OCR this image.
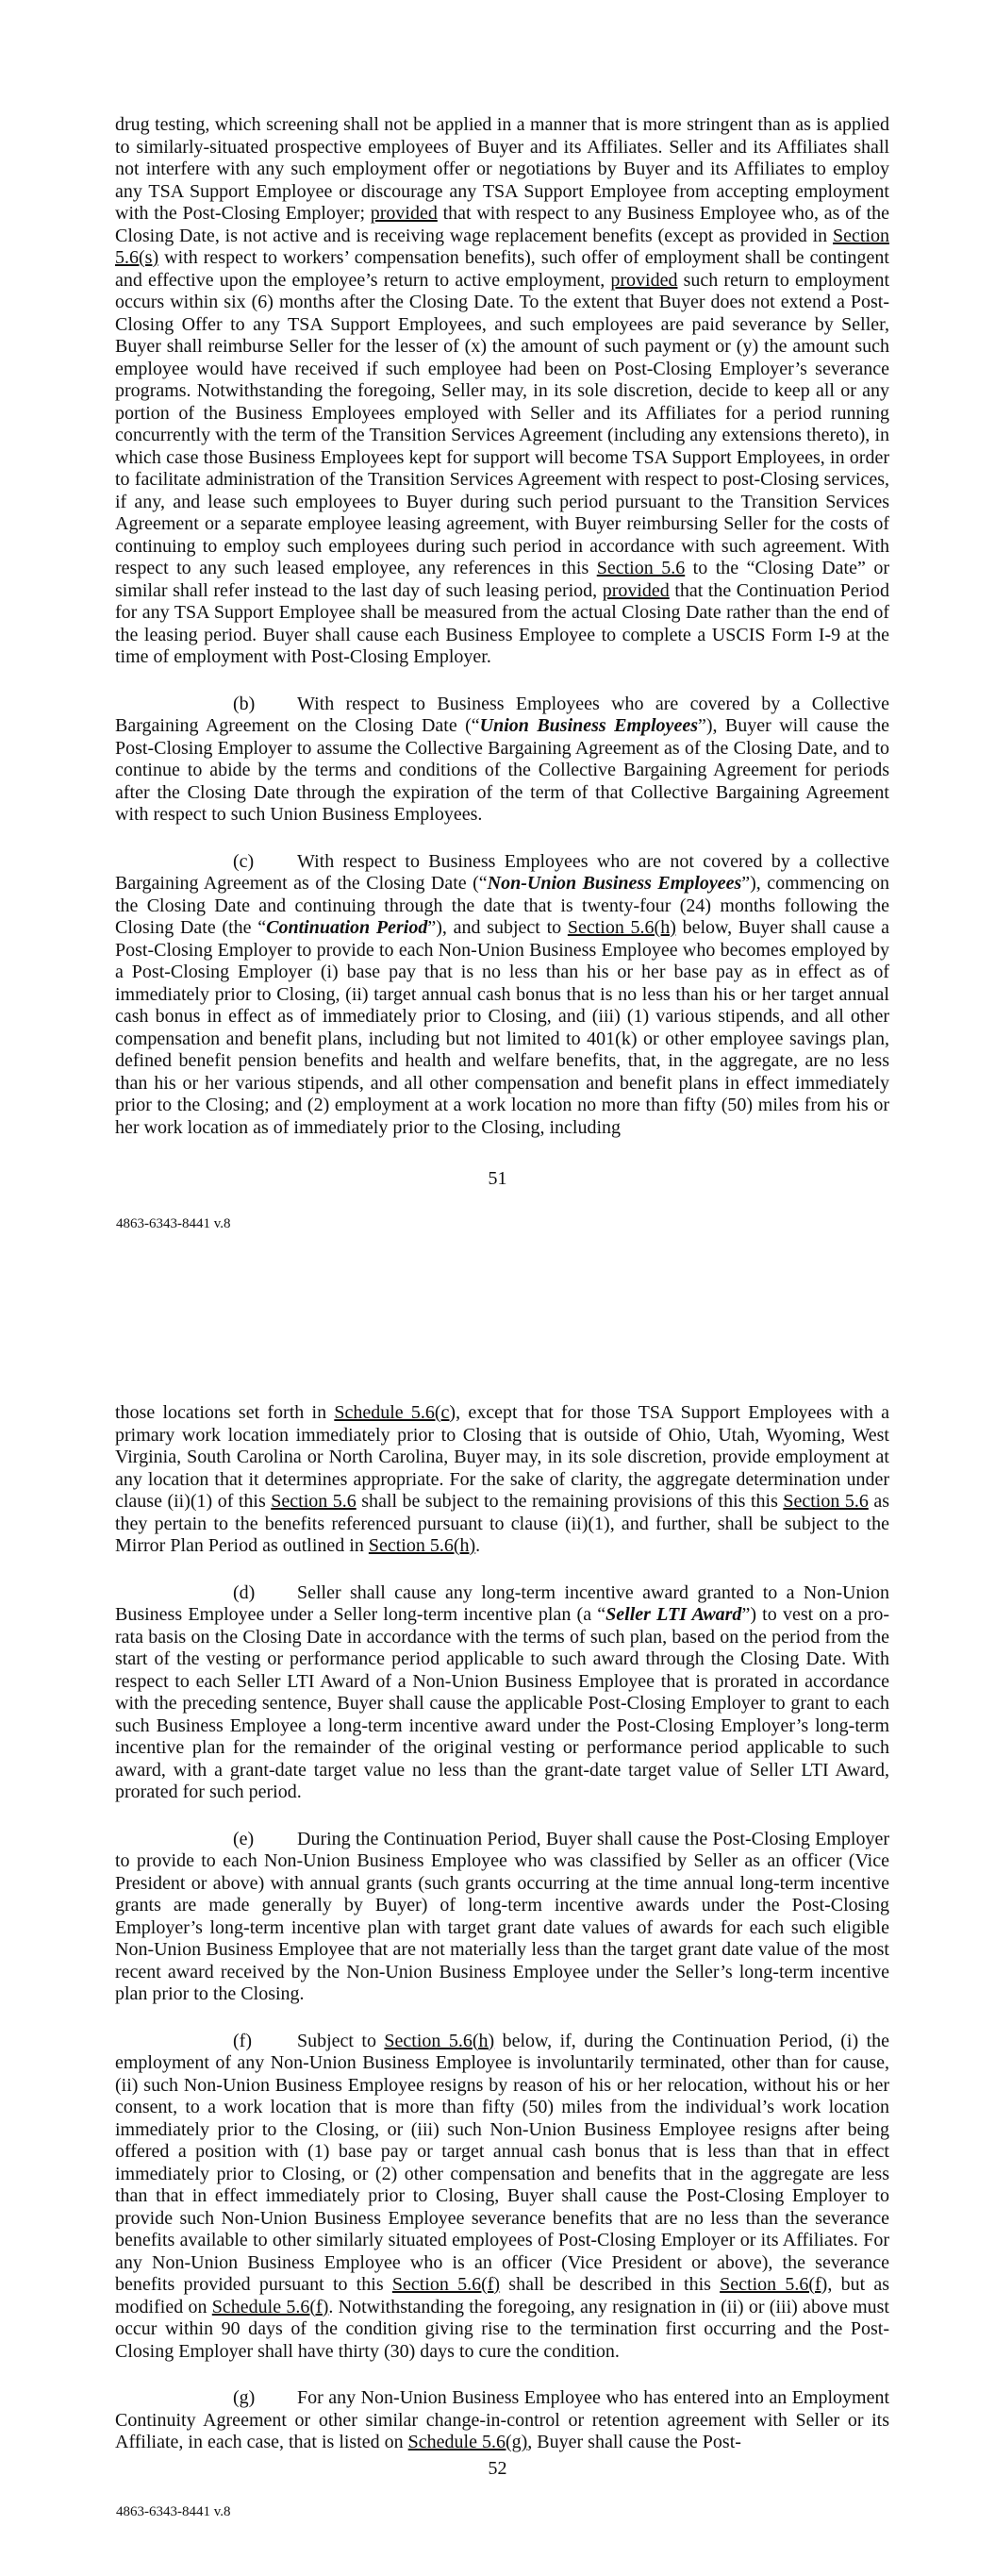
drug testing, which screening shall not be applied in a manner that is more stringent than as is applied to similarly-situated prospective employees of Buyer and its Affiliates. Seller and its Affiliates shall not interfere with any such employment offer or negotiations by Buyer and its Affiliates to employ any TSA Support Employee or discourage any TSA Support Employee from accepting employment with the Post-Closing Employer; provided that with respect to any Business Employee who, as of the Closing Date, is not active and is receiving wage replacement benefits (except as provided in Section 5.6(s) with respect to workers’ compensation benefits), such offer of employment shall be contingent and effective upon the employee’s return to active employment, provided such return to employment occurs within six (6) months after the Closing Date. To the extent that Buyer does not extend a Post-Closing Offer to any TSA Support Employees, and such employees are paid severance by Seller, Buyer shall reimburse Seller for the lesser of (x) the amount of such payment or (y) the amount such employee would have received if such employee had been on Post-Closing Employer’s severance programs. Notwithstanding the foregoing, Seller may, in its sole discretion, decide to keep all or any portion of the Business Employees employed with Seller and its Affiliates for a period running concurrently with the term of the Transition Services Agreement (including any extensions thereto), in which case those Business Employees kept for support will become TSA Support Employees, in order to facilitate administration of the Transition Services Agreement with respect to post-Closing services, if any, and lease such employees to Buyer during such period pursuant to the Transition Services Agreement or a separate employee leasing agreement, with Buyer reimbursing Seller for the costs of continuing to employ such employees during such period in accordance with such agreement. With respect to any such leased employee, any references in this Section 5.6 to the “Closing Date” or similar shall refer instead to the last day of such leasing period, provided that the Continuation Period for any TSA Support Employee shall be measured from the actual Closing Date rather than the end of the leasing period. Buyer shall cause each Business Employee to complete a USCIS Form I-9 at the time of employment with Post-Closing Employer.

(b) With respect to Business Employees who are covered by a Collective Bargaining Agreement on the Closing Date (“Union Business Employees”), Buyer will cause the Post-Closing Employer to assume the Collective Bargaining Agreement as of the Closing Date, and to continue to abide by the terms and conditions of the Collective Bargaining Agreement for periods after the Closing Date through the expiration of the term of that Collective Bargaining Agreement with respect to such Union Business Employees.

(c) With respect to Business Employees who are not covered by a collective Bargaining Agreement as of the Closing Date (“Non-Union Business Employees”), commencing on the Closing Date and continuing through the date that is twenty-four (24) months following the Closing Date (the “Continuation Period”), and subject to Section 5.6(h) below, Buyer shall cause a Post-Closing Employer to provide to each Non-Union Business Employee who becomes employed by a Post-Closing Employer (i) base pay that is no less than his or her base pay as in effect as of immediately prior to Closing, (ii) target annual cash bonus that is no less than his or her target annual cash bonus in effect as of immediately prior to Closing, and (iii) (1) various stipends, and all other compensation and benefit plans, including but not limited to 401(k) or other employee savings plan, defined benefit pension benefits and health and welfare benefits, that, in the aggregate, are no less than his or her various stipends, and all other compensation and benefit plans in effect immediately prior to the Closing; and (2) employment at a work location no more than fifty (50) miles from his or her work location as of immediately prior to the Closing, including

51
4863-6343-8441 v.8

those locations set forth in Schedule 5.6(c), except that for those TSA Support Employees with a primary work location immediately prior to Closing that is outside of Ohio, Utah, Wyoming, West Virginia, South Carolina or North Carolina, Buyer may, in its sole discretion, provide employment at any location that it determines appropriate. For the sake of clarity, the aggregate determination under clause (ii)(1) of this Section 5.6 shall be subject to the remaining provisions of this this Section 5.6 as they pertain to the benefits referenced pursuant to clause (ii)(1), and further, shall be subject to the Mirror Plan Period as outlined in Section 5.6(h).

(d) Seller shall cause any long-term incentive award granted to a Non-Union Business Employee under a Seller long-term incentive plan (a “Seller LTI Award”) to vest on a pro-rata basis on the Closing Date in accordance with the terms of such plan, based on the period from the start of the vesting or performance period applicable to such award through the Closing Date. With respect to each Seller LTI Award of a Non-Union Business Employee that is prorated in accordance with the preceding sentence, Buyer shall cause the applicable Post-Closing Employer to grant to each such Business Employee a long-term incentive award under the Post-Closing Employer’s long-term incentive plan for the remainder of the original vesting or performance period applicable to such award, with a grant-date target value no less than the grant-date target value of Seller LTI Award, prorated for such period.

(e) During the Continuation Period, Buyer shall cause the Post-Closing Employer to provide to each Non-Union Business Employee who was classified by Seller as an officer (Vice President or above) with annual grants (such grants occurring at the time annual long-term incentive grants are made generally by Buyer) of long-term incentive awards under the Post-Closing Employer’s long-term incentive plan with target grant date values of awards for each such eligible Non-Union Business Employee that are not materially less than the target grant date value of the most recent award received by the Non-Union Business Employee under the Seller’s long-term incentive plan prior to the Closing.

(f) Subject to Section 5.6(h) below, if, during the Continuation Period, (i) the employment of any Non-Union Business Employee is involuntarily terminated, other than for cause, (ii) such Non-Union Business Employee resigns by reason of his or her relocation, without his or her consent, to a work location that is more than fifty (50) miles from the individual’s work location immediately prior to the Closing, or (iii) such Non-Union Business Employee resigns after being offered a position with (1) base pay or target annual cash bonus that is less than that in effect immediately prior to Closing, or (2) other compensation and benefits that in the aggregate are less than that in effect immediately prior to Closing, Buyer shall cause the Post-Closing Employer to provide such Non-Union Business Employee severance benefits that are no less than the severance benefits available to other similarly situated employees of Post-Closing Employer or its Affiliates. For any Non-Union Business Employee who is an officer (Vice President or above), the severance benefits provided pursuant to this Section 5.6(f) shall be described in this Section 5.6(f), but as modified on Schedule 5.6(f). Notwithstanding the foregoing, any resignation in (ii) or (iii) above must occur within 90 days of the condition giving rise to the termination first occurring and the Post-Closing Employer shall have thirty (30) days to cure the condition.

(g) For any Non-Union Business Employee who has entered into an Employment Continuity Agreement or other similar change-in-control or retention agreement with Seller or its Affiliate, in each case, that is listed on Schedule 5.6(g), Buyer shall cause the Post-

52
4863-6343-8441 v.8
